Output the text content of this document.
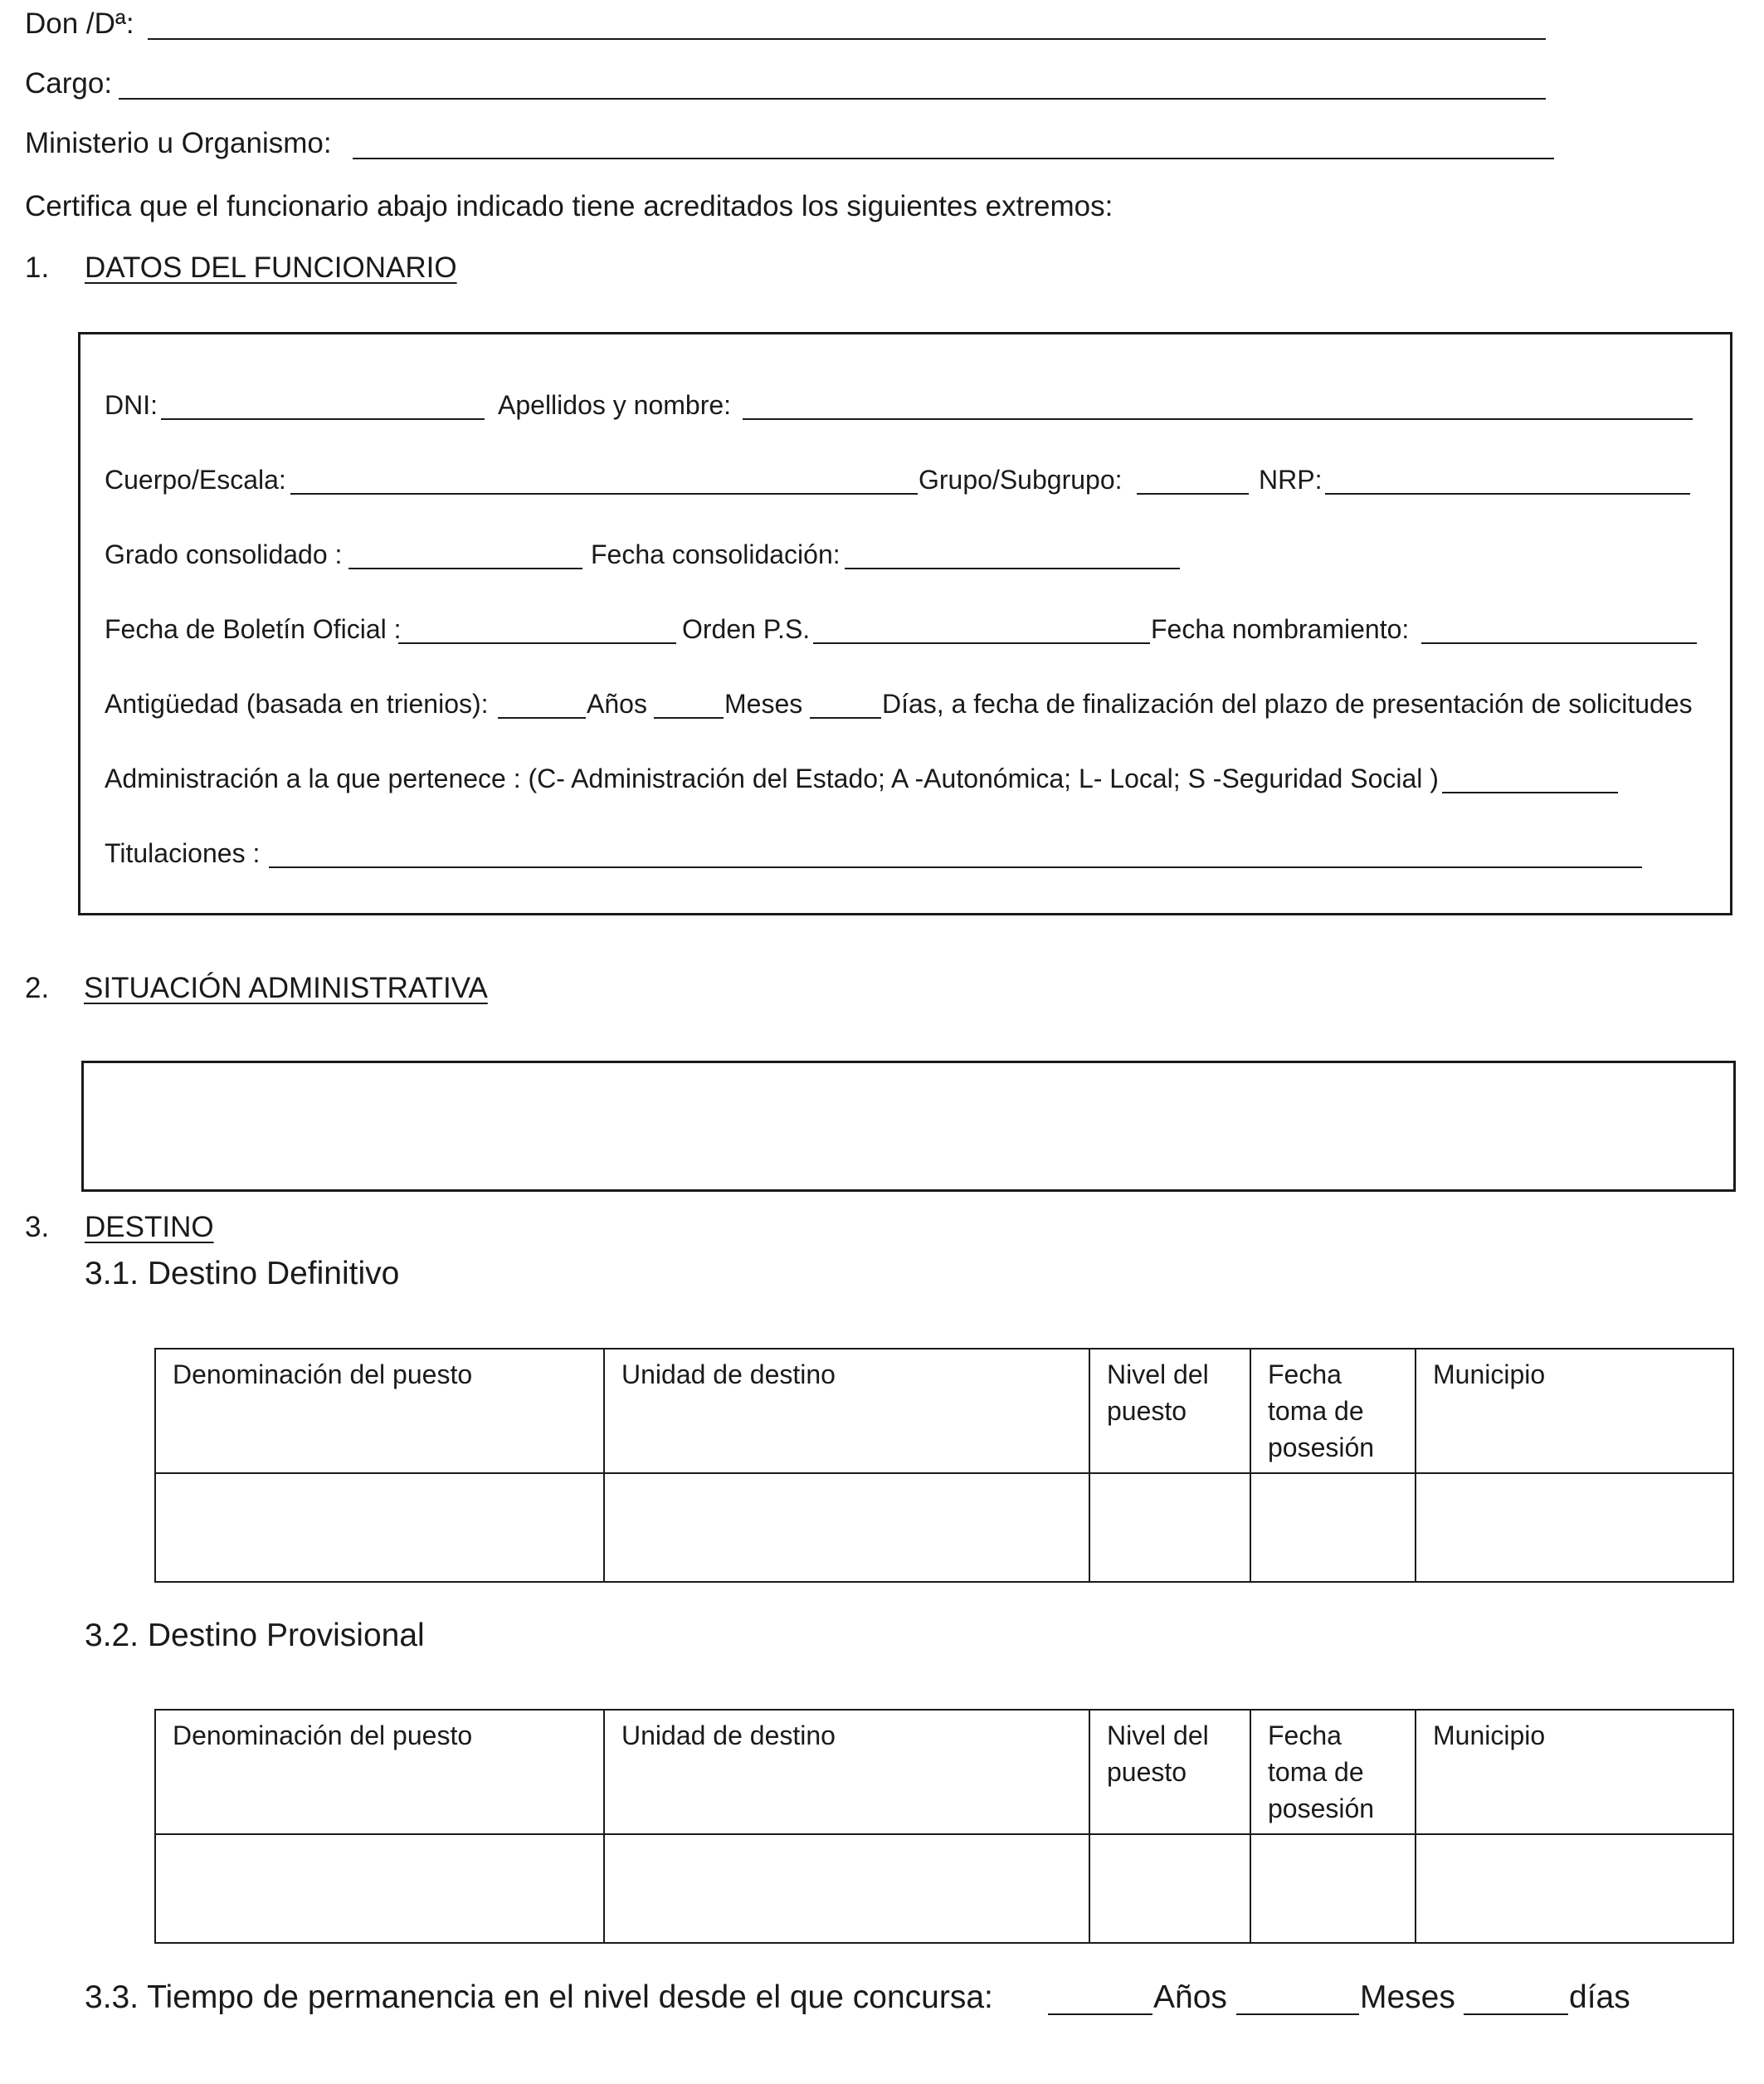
Don /Dª:
Cargo:
Ministerio u Organismo:
Certifica que el funcionario abajo indicado tiene acreditados los siguientes extremos:
1. DATOS DEL FUNCIONARIO
DNI:	Apellidos y nombre:
Cuerpo/Escala:	Grupo/Subgrupo:	NRP:
Grado consolidado :	Fecha consolidación:
Fecha de Boletín Oficial :	Orden P.S.	Fecha nombramiento:
Antigüedad (basada en trienios):	Años	Meses	Días, a fecha de finalización del plazo de presentación de solicitudes
Administración a la que pertenece : (C- Administración del Estado; A -Autonómica; L- Local; S -Seguridad Social )
Titulaciones :
2. SITUACIÓN ADMINISTRATIVA
3. DESTINO
3.1. Destino Definitivo
Denominación del puesto	Unidad de destino	Nivel del puesto	Fecha toma de posesión	Municipio

3.2. Destino Provisional
Denominación del puesto	Unidad de destino	Nivel del puesto	Fecha toma de posesión	Municipio

3.3. Tiempo de permanencia en el nivel desde el que concursa:	Años	Meses	días
